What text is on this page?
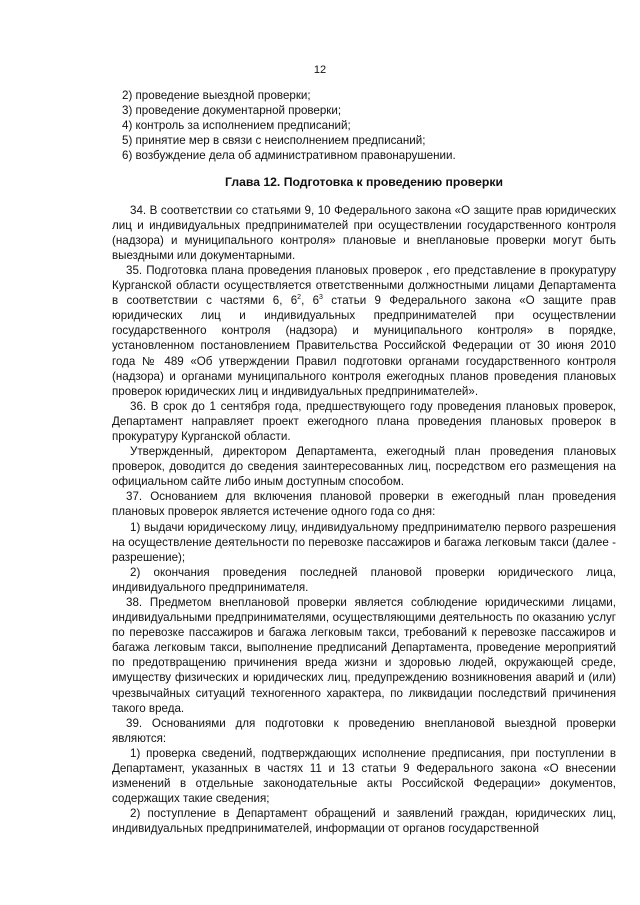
12
2) проведение выездной проверки;
3) проведение документарной проверки;
4) контроль за исполнением предписаний;
5) принятие мер в связи с неисполнением предписаний;
6) возбуждение дела об административном правонарушении.
Глава 12. Подготовка к проведению проверки

34. В соответствии со статьями 9, 10 Федерального закона «О защите прав юридических лиц и индивидуальных предпринимателей при осуществлении государственного контроля (надзора) и муниципального контроля» плановые и внеплановые проверки могут быть выездными или документарными.

35. Подготовка плана проведения плановых проверок , его представление в прокуратуру Курганской области осуществляется ответственными должностными лицами Департамента в соответствии с частями 6, $6^2$, $6^3$ статьи 9 Федерального закона «О защите прав юридических лиц и индивидуальных предпринимателей при осуществлении государственного контроля (надзора) и муниципального контроля» в порядке, установленном постановлением Правительства Российской Федерации от 30 июня 2010 года № 489 «Об утверждении Правил подготовки органами государственного контроля (надзора) и органами муниципального контроля ежегодных планов проведения плановых проверок юридических лиц и индивидуальных предпринимателей».

36. В срок до 1 сентября года, предшествующего году проведения плановых проверок, Департамент направляет проект ежегодного плана проведения плановых проверок в прокуратуру Курганской области.

Утвержденный, директором Департамента, ежегодный план проведения плановых проверок, доводится до сведения заинтересованных лиц, посредством его размещения на официальном сайте либо иным доступным способом.

37. Основанием для включения плановой проверки в ежегодный план проведения плановых проверок является истечение одного года со дня:

1) выдачи юридическому лицу, индивидуальному предпринимателю первого разрешения на осуществление деятельности по перевозке пассажиров и багажа легковым такси (далее - разрешение);

2) окончания проведения последней плановой проверки юридического лица, индивидуального предпринимателя.

38. Предметом внеплановой проверки является соблюдение юридическими лицами, индивидуальными предпринимателями, осуществляющими деятельность по оказанию услуг по перевозке пассажиров и багажа легковым такси, требований к перевозке пассажиров и багажа легковым такси, выполнение предписаний Департамента, проведение мероприятий по предотвращению причинения вреда жизни и здоровью людей, окружающей среде, имуществу физических и юридических лиц, предупреждению возникновения аварий и (или) чрезвычайных ситуаций техногенного характера, по ликвидации последствий причинения такого вреда.

39. Основаниями для подготовки к проведению внеплановой выездной проверки являются:

1) проверка сведений, подтверждающих исполнение предписания, при поступлении в Департамент, указанных в частях 11 и 13 статьи 9 Федерального закона «О внесении изменений в отдельные законодательные акты Российской Федерации» документов, содержащих такие сведения;

2) поступление в Департамент обращений и заявлений граждан, юридических лиц, индивидуальных предпринимателей, информации от органов государственной
